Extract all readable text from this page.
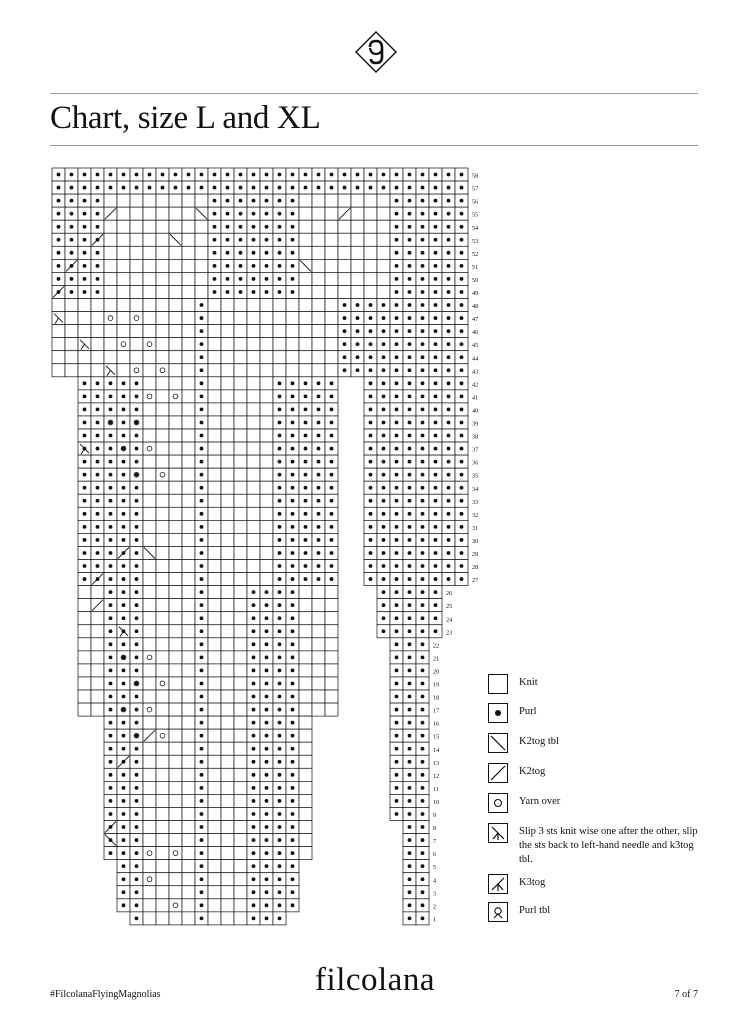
Chart, size L and XL
58
57
56
55
54
53
52
51
50
49
48
47
46
45
44
43
42
41
40
39
38
37
36
35
34
33
32
31
30
29
28
27
26
25
24
23
22
21
20
19
18
17
16
15
14
13
12
11
10
9
8
7
6
5
4
3
2
1
Knit
Purl
K2tog tbl
K2tog
Yarn over
Slip 3 sts knit wise one after the other, slip the sts back to left-hand needle and k3tog tbl.
K3tog
Purl tbl
#FilcolanaFlyingMagnolias	filcolana	7 of 7
